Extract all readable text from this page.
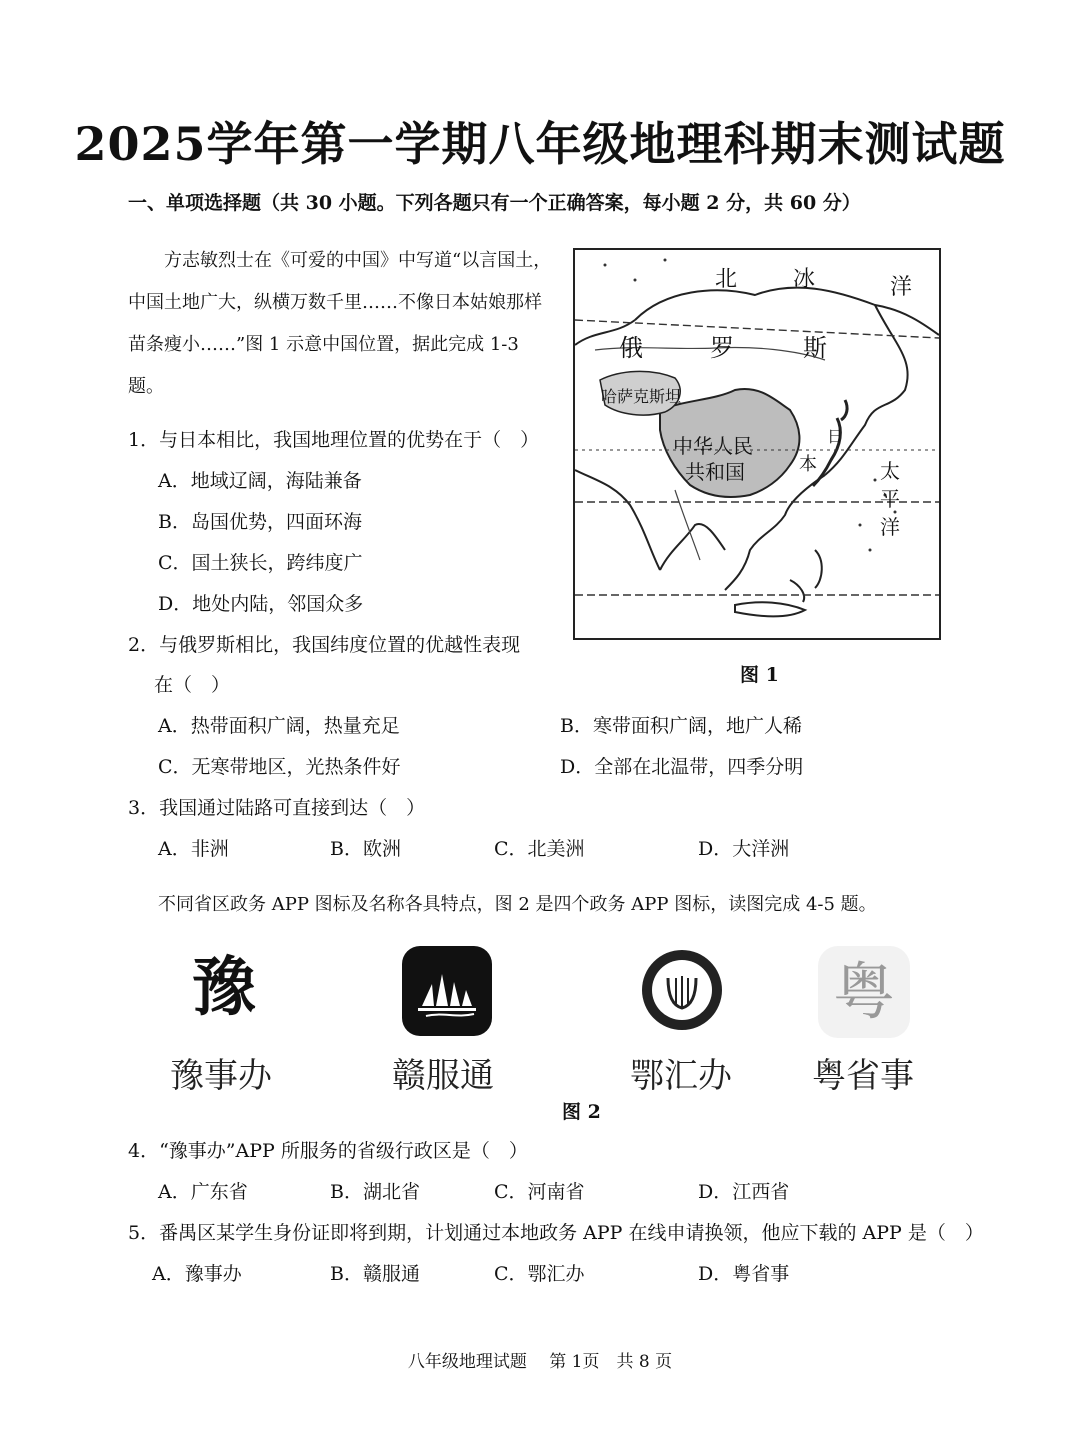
2025学年第一学期八年级地理科期末测试题
一、单项选择题（共 30 小题。下列各题只有一个正确答案，每小题 2 分，共 60 分）
方志敏烈士在《可爱的中国》中写道“以言国土，中国土地广大，纵横万数千里……不像日本姑娘那样苗条瘦小……”图 1 示意中国位置，据此完成 1-3 题。
北	冰	洋
俄	罗	斯
哈萨克斯坦
中华人民
共和国
日
本	太
平
洋
图 1
1．与日本相比，我国地理位置的优势在于（　）
A．地域辽阔，海陆兼备
B．岛国优势，四面环海
C．国土狭长，跨纬度广
D．地处内陆，邻国众多
2．与俄罗斯相比，我国纬度位置的优越性表现
在（　）
A．热带面积广阔，热量充足	B．寒带面积广阔，地广人稀
C．无寒带地区，光热条件好	D．全部在北温带，四季分明
3．我国通过陆路可直接到达（　）
A．非洲	B．欧洲	C．北美洲	D．大洋洲
不同省区政务 APP 图标及名称各具特点，图 2 是四个政务 APP 图标，读图完成 4-5 题。
豫
豫事办	赣服通	鄂汇办
粤
粤省事
图 2
4．“豫事办”APP 所服务的省级行政区是（　）
A．广东省	B．湖北省	C．河南省	D．江西省
5．番禺区某学生身份证即将到期，计划通过本地政务 APP 在线申请换领，他应下载的 APP 是（　）
A．豫事办	B．赣服通	C．鄂汇办	D．粤省事
八年级地理试题　 第 1页　共 8 页
